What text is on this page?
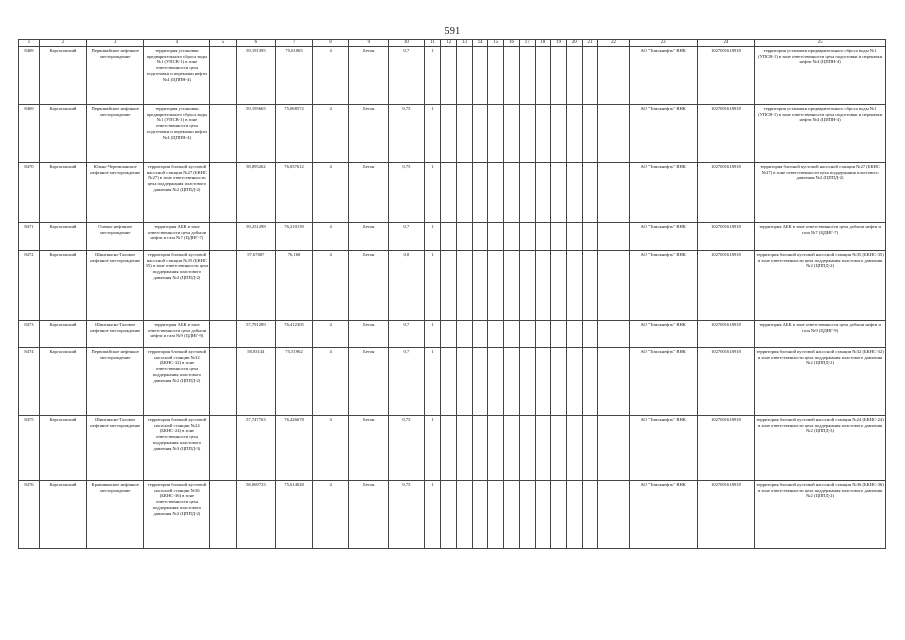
591
1	2	3	4	5	6	7	8	9	10	11	12	13	14	15	16	17	18	19	20	21	22	23	24	25
8469	Каргасокский	Первомайское нефтяное месторождение	территория установки предварительного сброса воды №1 (УПСВ-1) в зоне ответственности цеха подготовки и перекачки нефти №4 (ЦППН-4)		59,191395	75,61065	4	Бетон	0,7	1												АО "Томскнефть" ВНК	1027001618918	территория установки предварительного сброса воды №1 (УПСВ-1) в зоне ответственности цеха подготовки и перекачки нефти №4 (ЦППН-4)
8469	Каргасокский	Первомайское нефтяное месторождение	территория установки предварительного сброса воды №1 (УПСВ-1) в зоне ответственности цеха подготовки и перекачки нефти №4 (ЦППН-4)		59,195665	75,068572	4	Бетон	0,75	1												АО "Томскнефть" ВНК	1027001618918	территория установки предварительного сброса воды №1 (УПСВ-1) в зоне ответственности цеха подготовки и перекачки нефти №4 (ЦППН-4)
8470	Каргасокский	Южно-Черемшанское нефтяное месторождение	территория блочной кустовой насосной станции №27 (БКНС №27) в зоне ответственности цеха поддержания пластового давления №2 (ЦППД-2)		58,895262	76,837612	4	Бетон	0,75	1												АО "Томскнефть" ВНК	1027001618918	территория блочной кустовой насосной станции №27 (БКНС №27) в зоне ответственности цеха поддержания пластового давления №2 (ЦППД-2)
8471	Каргасокский	Оленье нефтяное месторождение	территория АБК в зоне ответственности цеха добычи нефти и газа №7 (ЦДНГ-7)		59,251298	76,210139	4	Бетон	0,7	1												АО "Томскнефть" ВНК	1027001618918	территория АБК в зоне ответственности цеха добычи нефти и газа №7 (ЦДНГ-7)
8472	Каргасокский	Шингинско-Таловое нефтяное месторождение	территория блочной кустовой насосной станции №35 (БКНС 35) в зоне ответственности цеха поддержания пластового давления №2 (ЦППД-2)		57,67687	76,168	4	Бетон	0,8	1												АО "Томскнефть" ВНК	1027001618918	территория блочной кустовой насосной станции №35 (БКНС-35) в зоне ответственности цеха поддержания пластового давления №2 (ЦППД-2)
8473	Каргасокский	Шингинско-Таловое нефтяное месторождение	территория АБК в зоне ответственности цеха добычи нефти и газа №9 (ЦДНГ-9)		57,791289	76,412305	4	Бетон	0,7	1												АО "Томскнефть" ВНК	1027001618918	территория АБК в зоне ответственности цеха добычи нефти и газа №9 (ЦДНГ-9)
8474	Каргасокский	Первомайское нефтяное месторождение	территория блочной кустовой насосной станции №32 (БКНС-32) в зоне ответственности цеха поддержания пластового давления №2 (ЦППД-2)		58,83144	75,51962	4	Бетон	0,7	1												АО "Томскнефть" ВНК	1027001618918	территория блочной кустовой насосной станции №32 (БКНС-32) в зоне ответственности цеха поддержания пластового давления №2 (ЦППД-2)
8475	Каргасокский	Шингинско-Таловое нефтяное месторождение	территория блочной кустовой насосной станции №24 (БКНС-24) в зоне ответственности цеха поддержания пластового давления №3 (ЦППД-3)		57,747763	76,426678	4	Бетон	0,75	1												АО "Томскнефть" ВНК	1027001618918	территория блочной кустовой насосной станции №24 (БКНС-24) в зоне ответственности цеха поддержания пластового давления №2 (ЦППД-3)
8476	Каргасокский	Крапивинское нефтяное месторождение	территория блочной кустовой насосной станции №36 (БКНС-36) в зоне ответственности цеха поддержания пластового давления №2 (ЦППД-2)		58,069733	75,614028	4	Бетон	0,75	1												АО "Томскнефть" ВНК	1027001618918	территория блочной кустовой насосной станции №36 (БКНС-36) в зоне ответственности цеха поддержания пластового давления №2 (ЦППД-2)
